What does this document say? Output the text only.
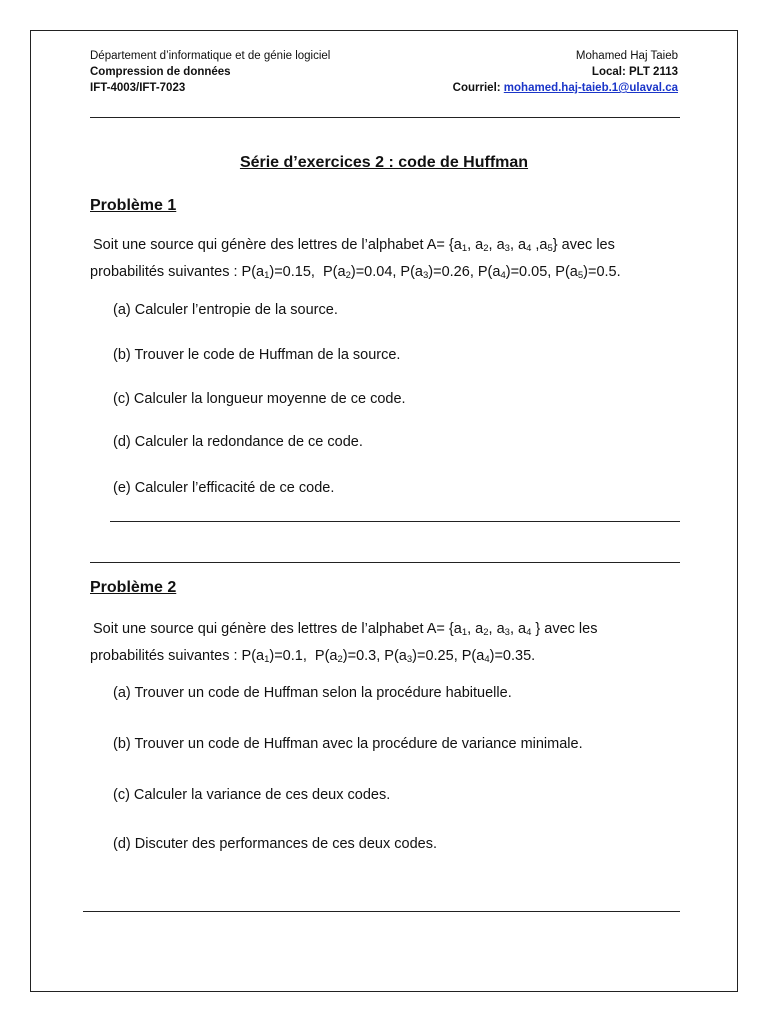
Département d’informatique et de génie logiciel
Compression de données
IFT-4003/IFT-7023
Mohamed Haj Taieb
Local: PLT 2113
Courriel: mohamed.haj-taieb.1@ulaval.ca
Série d’exercices 2 : code de Huffman
Problème 1
Soit une source qui génère des lettres de l’alphabet $A= \{a_1$, $a_2$, $a_3$, $a_4$ $,a_5$} avec les
probabilités suivantes : $P(a_1)=0.15$,  $P(a_2)=0.04$, $P(a_3)=0.26$, $P(a_4)=0.05$, $P(a_5)=0.5$.
(a) Calculer l’entropie de la source.
(b) Trouver le code de Huffman de la source.
(c) Calculer la longueur moyenne de ce code.
(d) Calculer la redondance de ce code.
(e) Calculer l’efficacité de ce code.
Problème 2
Soit une source qui génère des lettres de l’alphabet $A= \{a_1$, $a_2$, $a_3$, $a_4$ } avec les
probabilités suivantes : $P(a_1)=0.1$,  $P(a_2)=0.3$, $P(a_3)=0.25$, $P(a_4)=0.35$.
(a) Trouver un code de Huffman selon la procédure habituelle.
(b) Trouver un code de Huffman avec la procédure de variance minimale.
(c) Calculer la variance de ces deux codes.
(d) Discuter des performances de ces deux codes.
